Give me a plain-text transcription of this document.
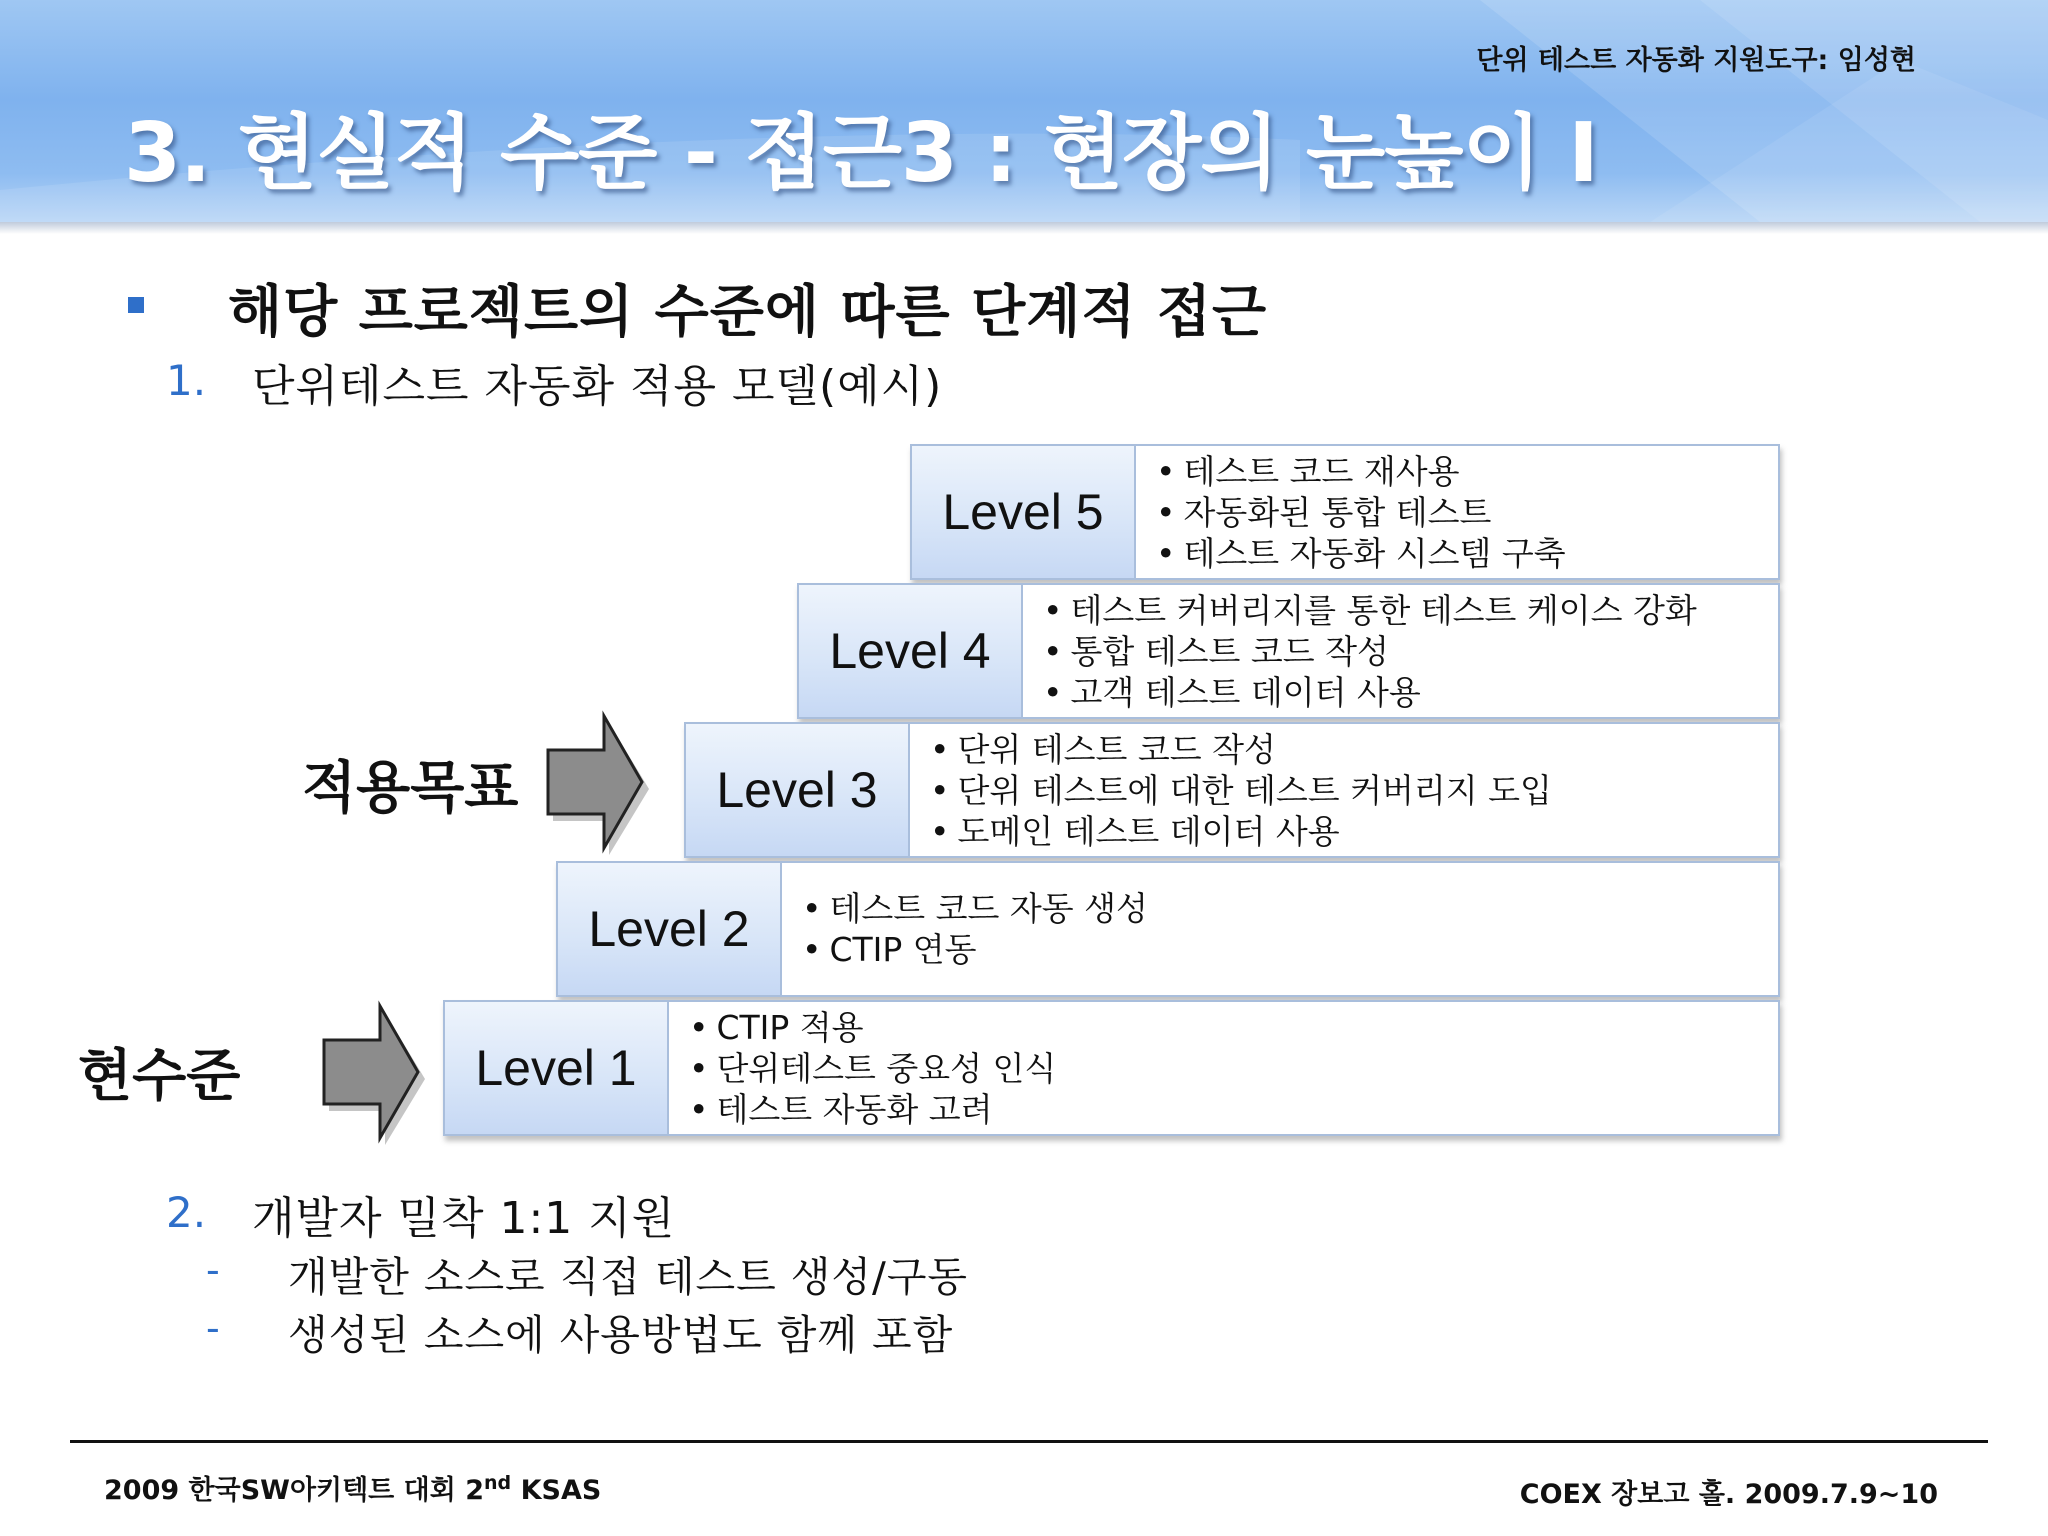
단위 테스트 자동화 지원도구: 임성현
3. 현실적 수준 - 접근3 : 현장의 눈높이 I
해당 프로젝트의 수준에 따른 단계적 접근
1. 단위테스트 자동화 적용 모델(예시)
Level 5
• 테스트 코드 재사용
• 자동화된 통합 테스트
• 테스트 자동화 시스템 구축
Level 4
• 테스트 커버리지를 통한 테스트 케이스 강화
• 통합 테스트 코드 작성
• 고객 테스트 데이터 사용
Level 3
• 단위 테스트 코드 작성
• 단위 테스트에 대한 테스트 커버리지 도입
• 도메인 테스트 데이터 사용
Level 2
•	테스트 코드 자동 생성
• CTIP 연동
Level 1
• CTIP 적용
• 단위테스트 중요성 인식
• 테스트 자동화 고려
적용목표
현수준
2. 개발자 밀착 1:1 지원
- 개발한 소스로 직접 테스트 생성/구동
- 생성된 소스에 사용방법도 함께 포함
2009 한국SW아키텍트 대회 2nd KSAS	COEX 장보고 홀. 2009.7.9~10
